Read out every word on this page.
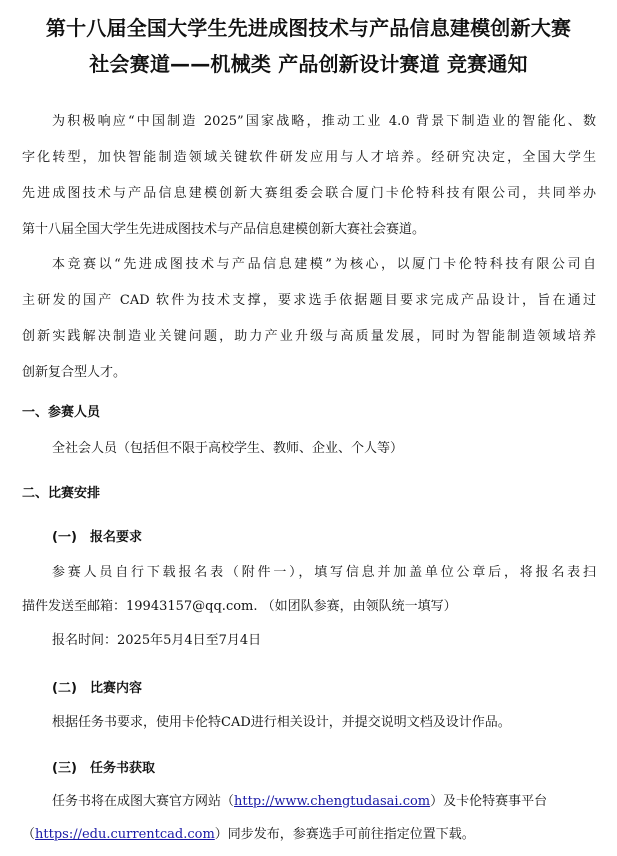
第十八届全国大学生先进成图技术与产品信息建模创新大赛
社会赛道——机械类 产品创新设计赛道 竞赛通知
为积极响应“中国制造 2025”国家战略，推动工业 4.0 背景下制造业的智能化、数
字化转型，加快智能制造领域关键软件研发应用与人才培养。经研究决定，全国大学生
先进成图技术与产品信息建模创新大赛组委会联合厦门卡伦特科技有限公司，共同举办
第十八届全国大学生先进成图技术与产品信息建模创新大赛社会赛道。
本竞赛以“先进成图技术与产品信息建模”为核心，以厦门卡伦特科技有限公司自
主研发的国产 CAD 软件为技术支撑，要求选手依据题目要求完成产品设计，旨在通过
创新实践解决制造业关键问题，助力产业升级与高质量发展，同时为智能制造领域培养
创新复合型人才。
一、参赛人员
全社会人员（包括但不限于高校学生、教师、企业、个人等）
二、比赛安排
(一) 报名要求
参赛人员自行下载报名表（附件一），填写信息并加盖单位公章后，将报名表扫
描件发送至邮箱：19943157@qq.com. （如团队参赛，由领队统一填写）
报名时间：2025年5月4日至7月4日
(二) 比赛内容
根据任务书要求，使用卡伦特CAD进行相关设计，并提交说明文档及设计作品。
(三) 任务书获取
任务书将在成图大赛官方网站（http://www.chengtudasai.com）及卡伦特赛事平台
（https://edu.currentcad.com）同步发布，参赛选手可前往指定位置下载。
